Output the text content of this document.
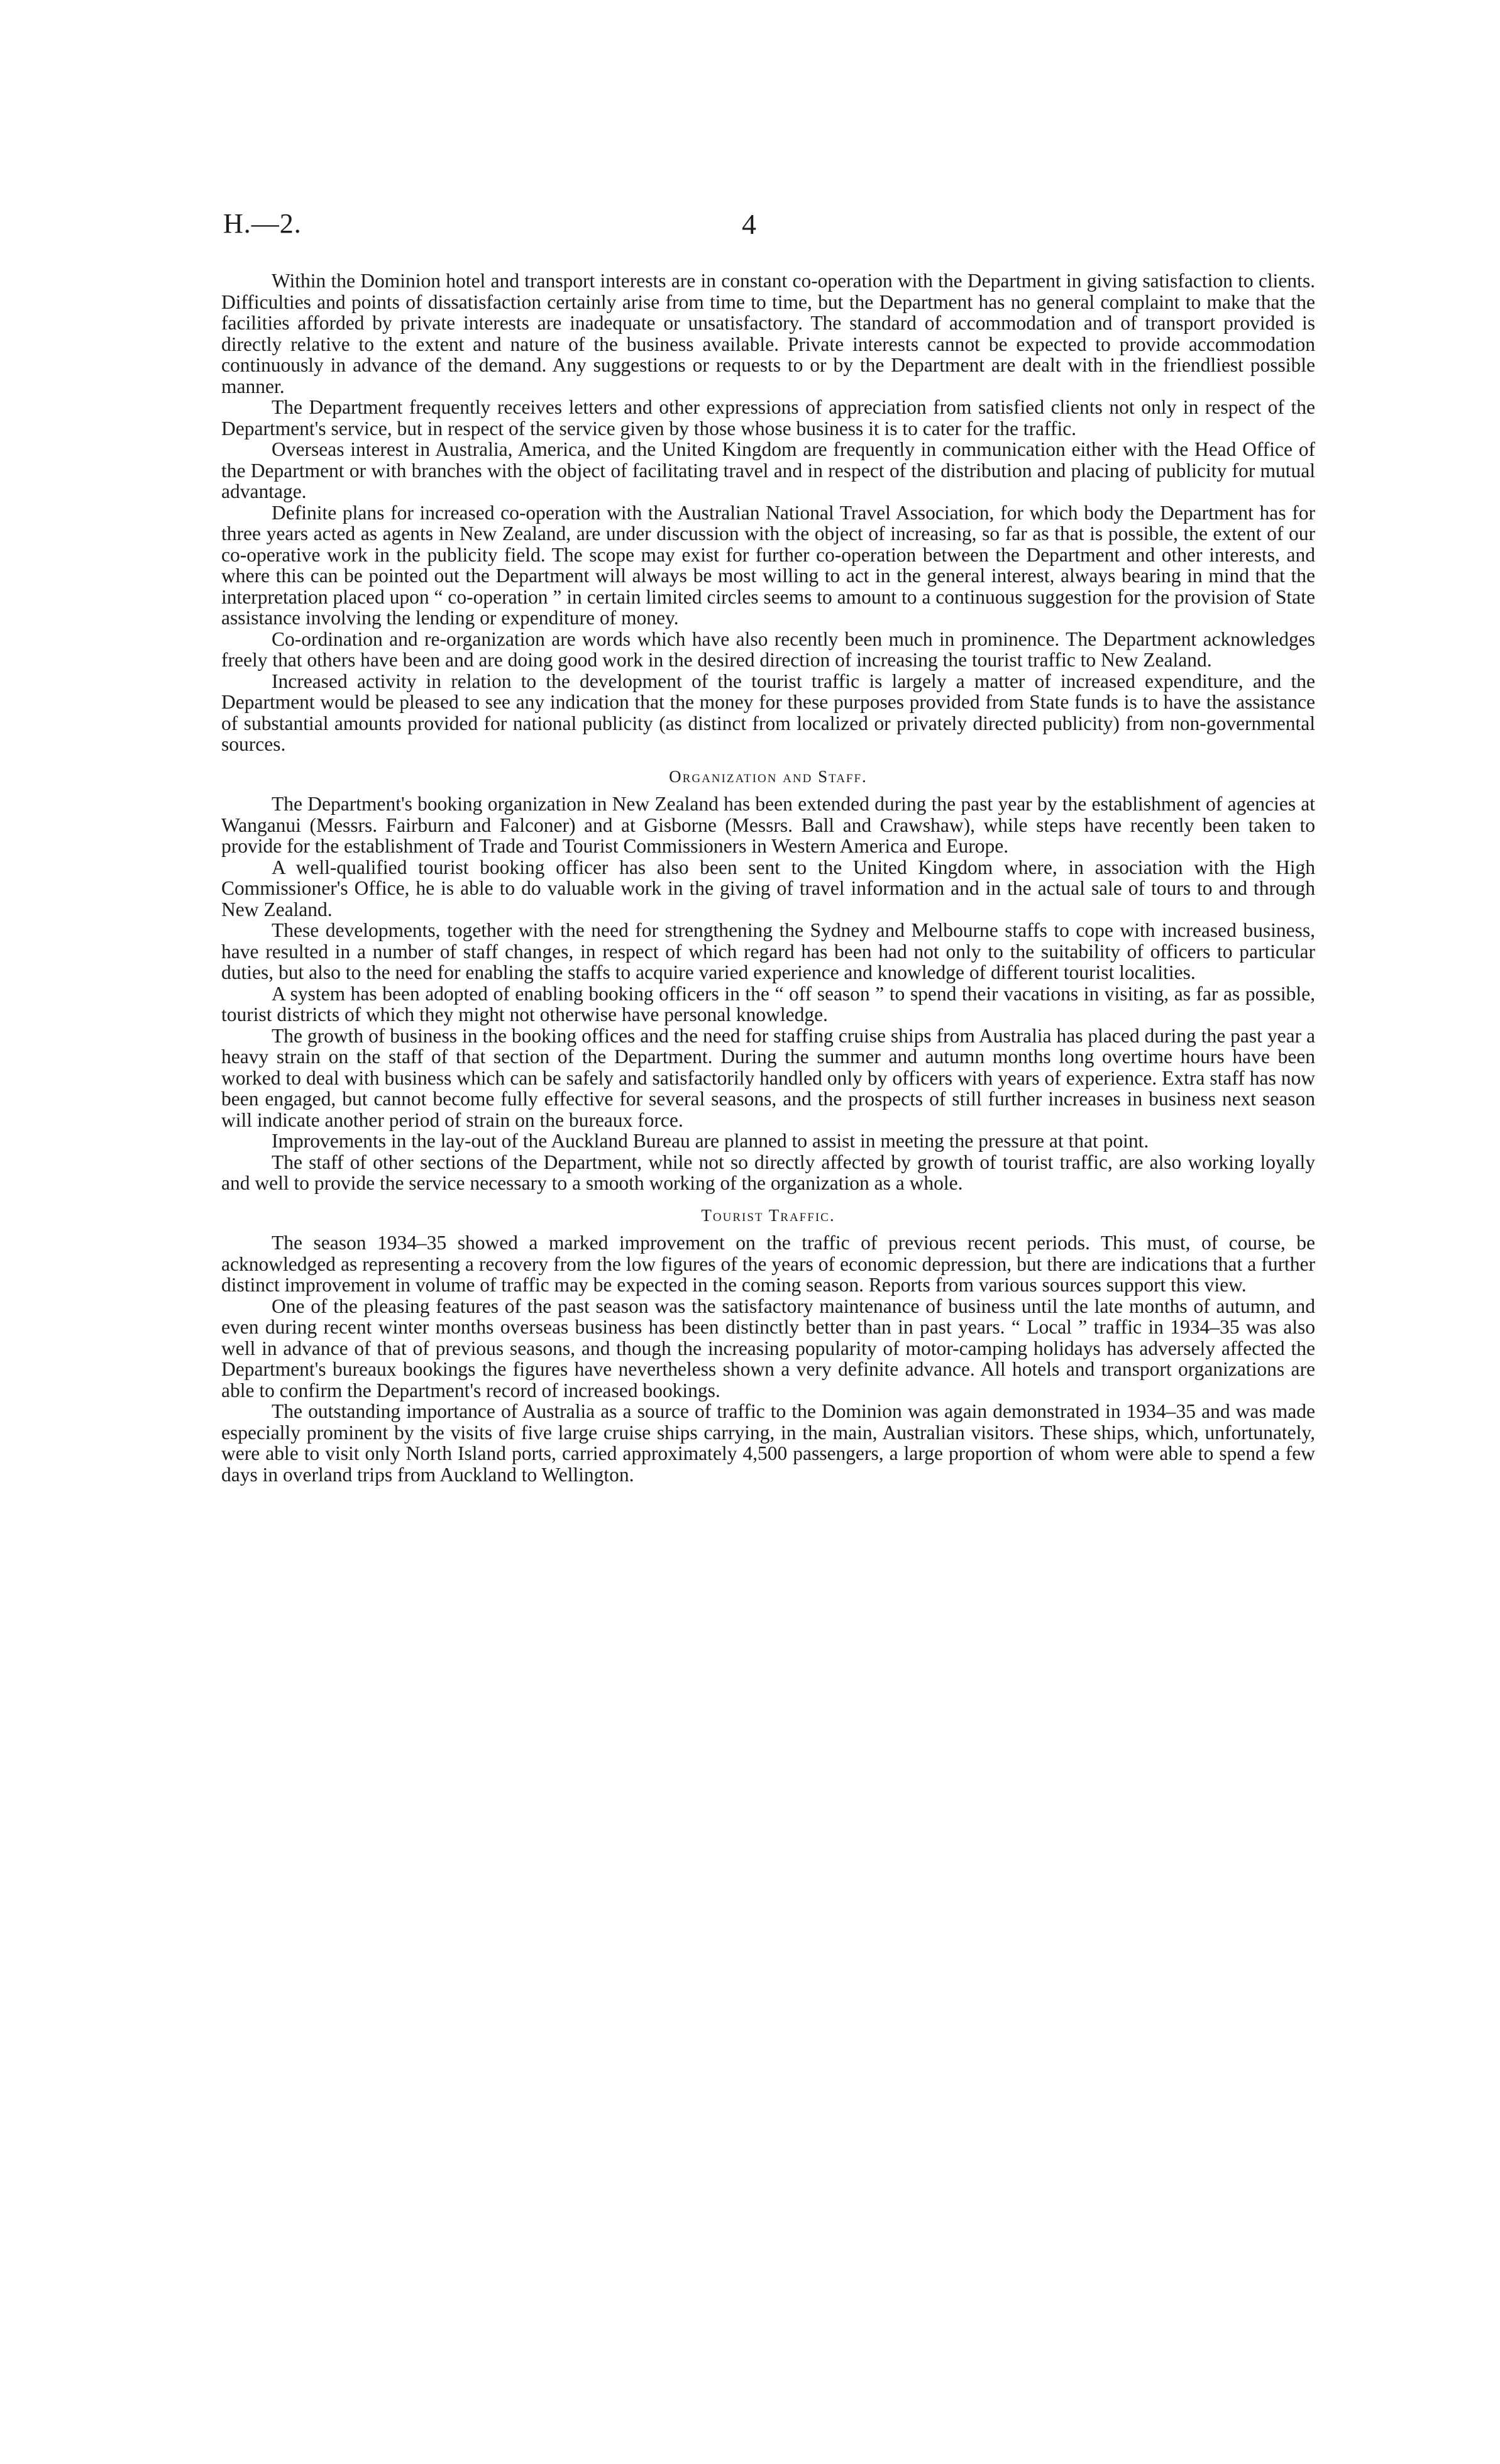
H.—2.	4

Within the Dominion hotel and transport interests are in constant co-operation with the Department in giving satisfaction to clients. Difficulties and points of dissatisfaction certainly arise from time to time, but the Department has no general complaint to make that the facilities afforded by private interests are inadequate or unsatisfactory. The standard of accommodation and of transport provided is directly relative to the extent and nature of the business available. Private interests cannot be expected to provide accommodation continuously in advance of the demand. Any suggestions or requests to or by the Department are dealt with in the friendliest possible manner.

The Department frequently receives letters and other expressions of appreciation from satisfied clients not only in respect of the Department's service, but in respect of the service given by those whose business it is to cater for the traffic.

Overseas interest in Australia, America, and the United Kingdom are frequently in communication either with the Head Office of the Department or with branches with the object of facilitating travel and in respect of the distribution and placing of publicity for mutual advantage.

Definite plans for increased co-operation with the Australian National Travel Association, for which body the Department has for three years acted as agents in New Zealand, are under discussion with the object of increasing, so far as that is possible, the extent of our co-operative work in the publicity field. The scope may exist for further co-operation between the Department and other interests, and where this can be pointed out the Department will always be most willing to act in the general interest, always bearing in mind that the interpretation placed upon “ co-operation ” in certain limited circles seems to amount to a continuous suggestion for the provision of State assistance involving the lending or expenditure of money.

Co-ordination and re-organization are words which have also recently been much in prominence. The Department acknowledges freely that others have been and are doing good work in the desired direction of increasing the tourist traffic to New Zealand.

Increased activity in relation to the development of the tourist traffic is largely a matter of increased expenditure, and the Department would be pleased to see any indication that the money for these purposes provided from State funds is to have the assistance of substantial amounts provided for national publicity (as distinct from localized or privately directed publicity) from non-governmental sources.

Organization and Staff.

The Department's booking organization in New Zealand has been extended during the past year by the establishment of agencies at Wanganui (Messrs. Fairburn and Falconer) and at Gisborne (Messrs. Ball and Crawshaw), while steps have recently been taken to provide for the establishment of Trade and Tourist Commissioners in Western America and Europe.

A well-qualified tourist booking officer has also been sent to the United Kingdom where, in association with the High Commissioner's Office, he is able to do valuable work in the giving of travel information and in the actual sale of tours to and through New Zealand.

These developments, together with the need for strengthening the Sydney and Melbourne staffs to cope with increased business, have resulted in a number of staff changes, in respect of which regard has been had not only to the suitability of officers to particular duties, but also to the need for enabling the staffs to acquire varied experience and knowledge of different tourist localities.

A system has been adopted of enabling booking officers in the “ off season ” to spend their vacations in visiting, as far as possible, tourist districts of which they might not otherwise have personal knowledge.

The growth of business in the booking offices and the need for staffing cruise ships from Australia has placed during the past year a heavy strain on the staff of that section of the Department. During the summer and autumn months long overtime hours have been worked to deal with business which can be safely and satisfactorily handled only by officers with years of experience. Extra staff has now been engaged, but cannot become fully effective for several seasons, and the prospects of still further increases in business next season will indicate another period of strain on the bureaux force.

Improvements in the lay-out of the Auckland Bureau are planned to assist in meeting the pressure at that point.

The staff of other sections of the Department, while not so directly affected by growth of tourist traffic, are also working loyally and well to provide the service necessary to a smooth working of the organization as a whole.

Tourist Traffic.

The season 1934–35 showed a marked improvement on the traffic of previous recent periods. This must, of course, be acknowledged as representing a recovery from the low figures of the years of economic depression, but there are indications that a further distinct improvement in volume of traffic may be expected in the coming season. Reports from various sources support this view.

One of the pleasing features of the past season was the satisfactory maintenance of business until the late months of autumn, and even during recent winter months overseas business has been distinctly better than in past years. “ Local ” traffic in 1934–35 was also well in advance of that of previous seasons, and though the increasing popularity of motor-camping holidays has adversely affected the Department's bureaux bookings the figures have nevertheless shown a very definite advance. All hotels and transport organizations are able to confirm the Department's record of increased bookings.

The outstanding importance of Australia as a source of traffic to the Dominion was again demonstrated in 1934–35 and was made especially prominent by the visits of five large cruise ships carrying, in the main, Australian visitors. These ships, which, unfortunately, were able to visit only North Island ports, carried approximately 4,500 passengers, a large proportion of whom were able to spend a few days in overland trips from Auckland to Wellington.
